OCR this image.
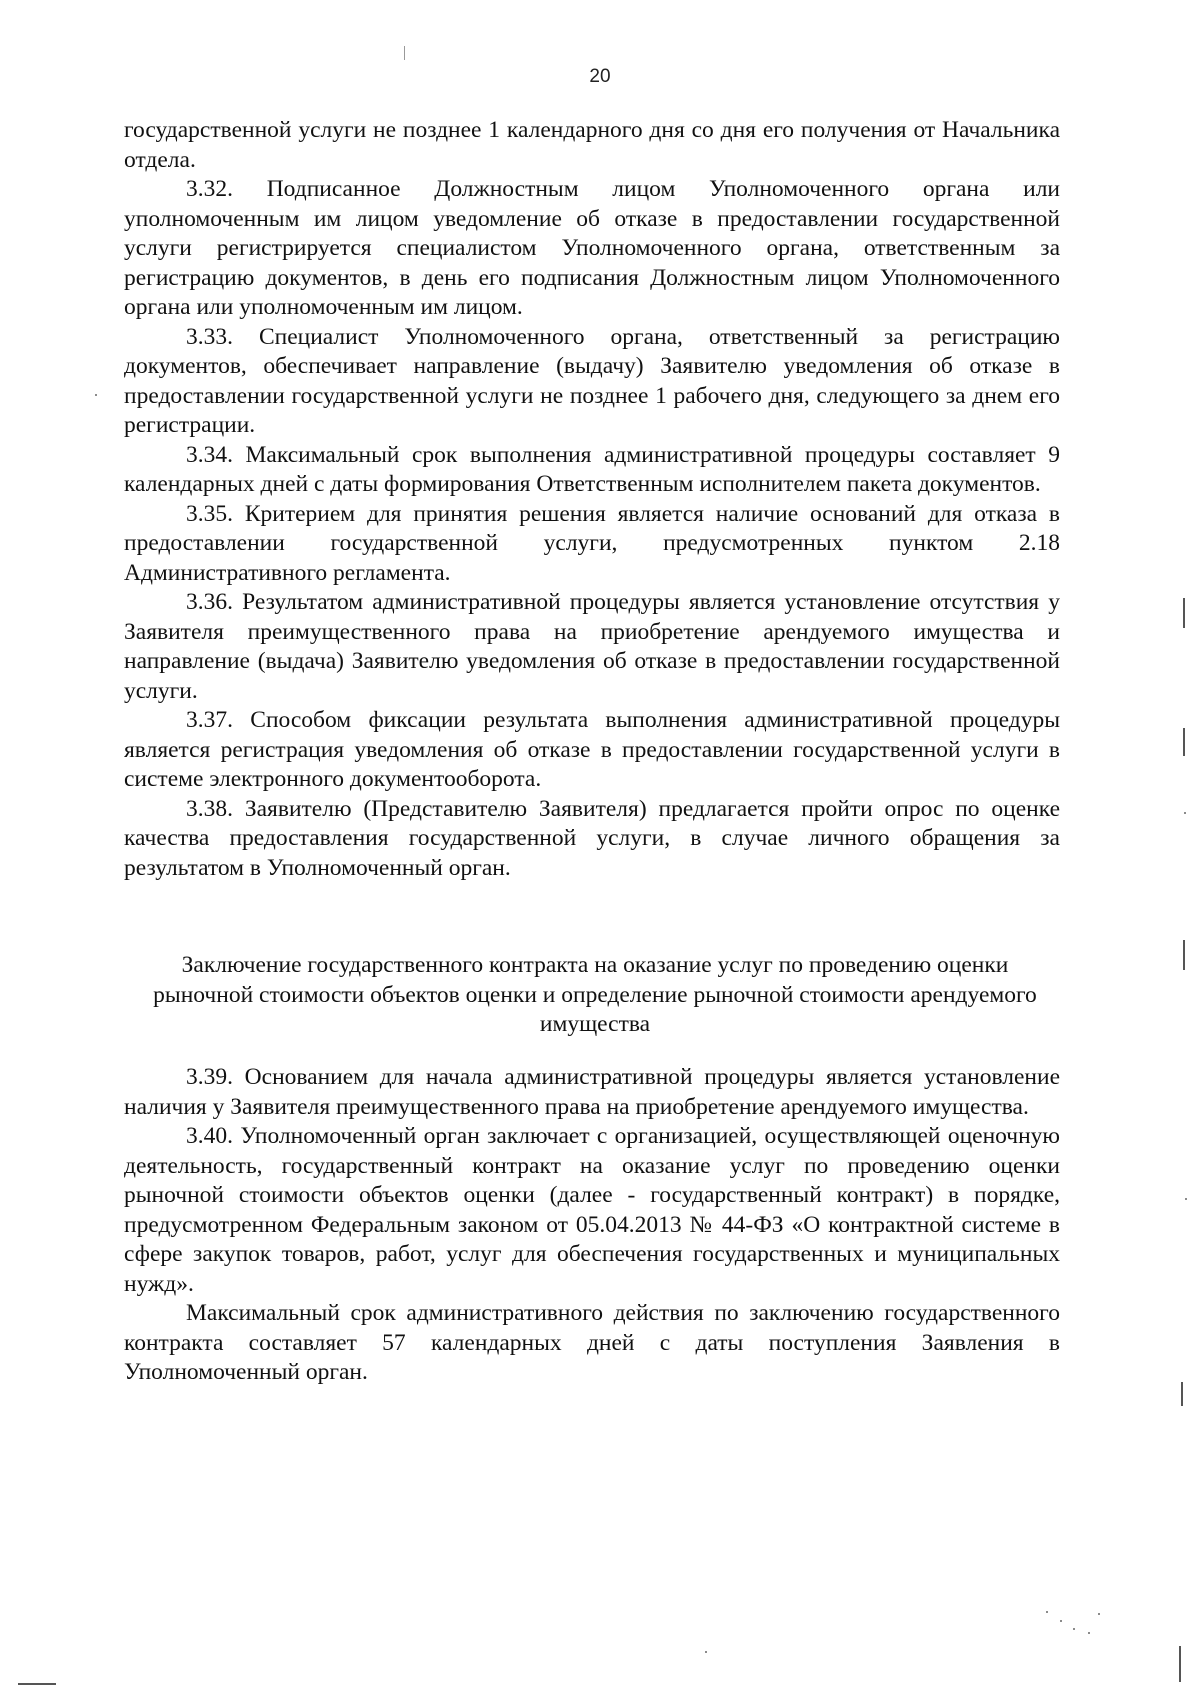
20

государственной услуги не позднее 1 календарного дня со дня его получения от Начальника отдела.

3.32. Подписанное Должностным лицом Уполномоченного органа или уполномоченным им лицом уведомление об отказе в предоставлении государственной услуги регистрируется специалистом Уполномоченного органа, ответственным за регистрацию документов, в день его подписания Должностным лицом Уполномоченного органа или уполномоченным им лицом.

3.33. Специалист Уполномоченного органа, ответственный за регистрацию документов, обеспечивает направление (выдачу) Заявителю уведомления об отказе в предоставлении государственной услуги не позднее 1 рабочего дня, следующего за днем его регистрации.

3.34. Максимальный срок выполнения административной процедуры составляет 9 календарных дней с даты формирования Ответственным исполнителем пакета документов.

3.35. Критерием для принятия решения является наличие оснований для отказа в предоставлении государственной услуги, предусмотренных пунктом 2.18 Административного регламента.

3.36. Результатом административной процедуры является установление отсутствия у Заявителя преимущественного права на приобретение арендуемого имущества и направление (выдача) Заявителю уведомления об отказе в предоставлении государственной услуги.

3.37. Способом фиксации результата выполнения административной процедуры является регистрация уведомления об отказе в предоставлении государственной услуги в системе электронного документооборота.

3.38. Заявителю (Представителю Заявителя) предлагается пройти опрос по оценке качества предоставления государственной услуги, в случае личного обращения за результатом в Уполномоченный орган.

Заключение государственного контракта на оказание услуг по проведению оценки рыночной стоимости объектов оценки и определение рыночной стоимости арендуемого имущества

3.39. Основанием для начала административной процедуры является установление наличия у Заявителя преимущественного права на приобретение арендуемого имущества.

3.40. Уполномоченный орган заключает с организацией, осуществляющей оценочную деятельность, государственный контракт на оказание услуг по проведению оценки рыночной стоимости объектов оценки (далее - государственный контракт) в порядке, предусмотренном Федеральным законом от 05.04.2013 № 44-ФЗ «О контрактной системе в сфере закупок товаров, работ, услуг для обеспечения государственных и муниципальных нужд».

Максимальный срок административного действия по заключению государственного контракта составляет 57 календарных дней с даты поступления Заявления в Уполномоченный орган.
